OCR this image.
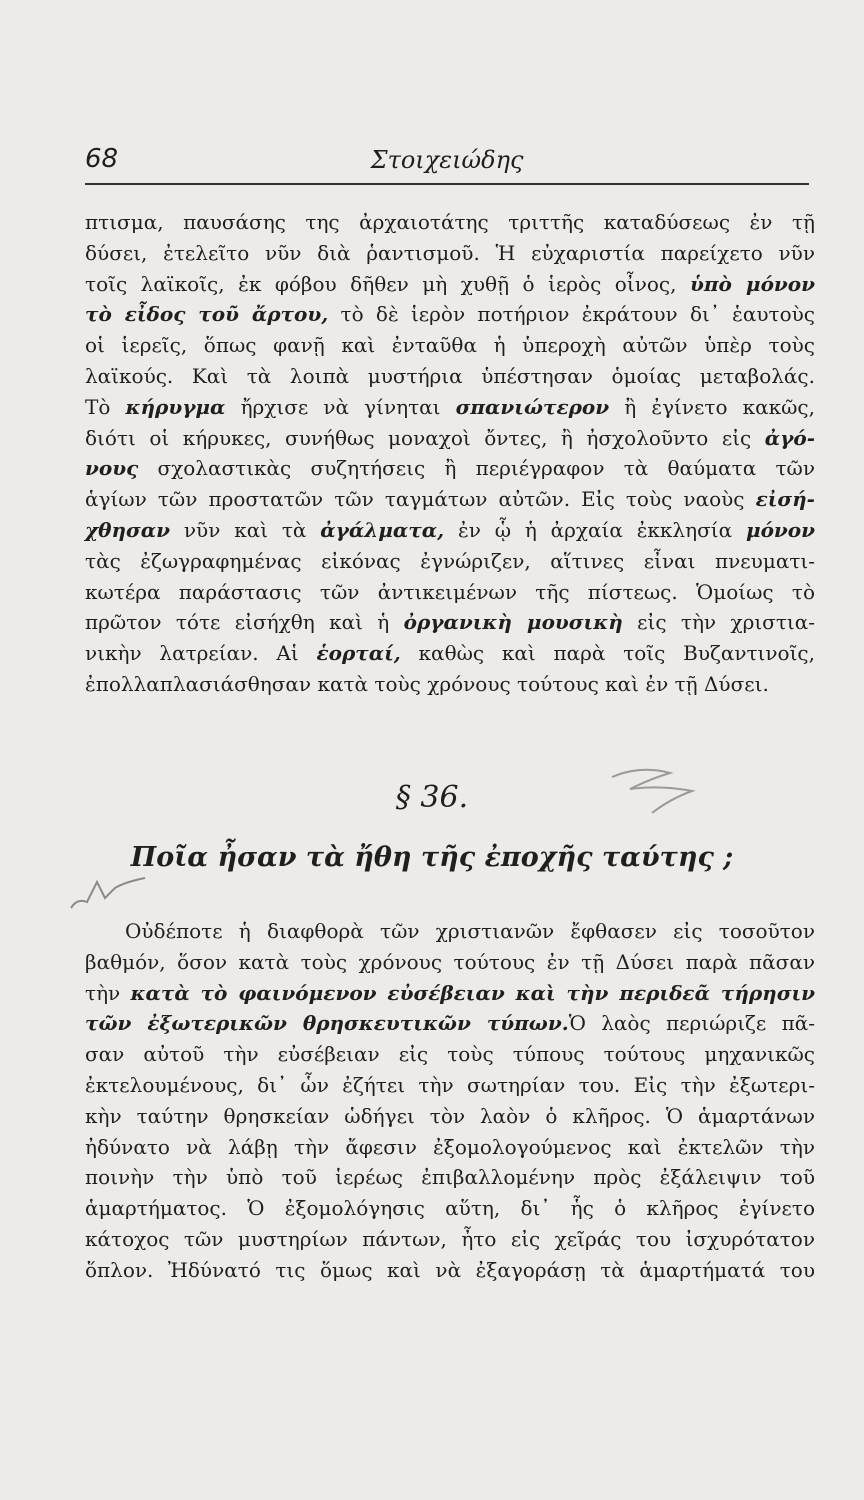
68	Στοιχειώδης
πτισμα, παυσάσης της ἀρχαιοτάτης τριττῆς καταδύσεως ἐν τῇ
δύσει, ἐτελεῖτο νῦν διὰ ῥαντισμοῦ. Ἡ εὐχαριστία παρείχετο νῦν
τοῖς λαϊκοῖς, ἐκ φόβου δῆθεν μὴ χυθῇ ὁ ἱερὸς οἶνος, ὑπὸ μόνον
τὸ εἶδος τοῦ ἄρτου, τὸ δὲ ἱερὸν ποτήριον ἐκράτουν δι᾽ ἑαυτοὺς
οἱ ἱερεῖς, ὅπως φανῇ καὶ ἐνταῦθα ἡ ὑπεροχὴ αὐτῶν ὑπὲρ τοὺς
λαϊκούς. Καὶ τὰ λοιπὰ μυστήρια ὑπέστησαν ὁμοίας μεταβολάς.
Τὸ κήρυγμα ἤρχισε νὰ γίνηται σπανιώτερον ἢ ἐγίνετο κακῶς,
διότι οἱ κήρυκες, συνήθως μοναχοὶ ὄντες, ἢ ἠσχολοῦντο εἰς ἀγό-
νους σχολαστικὰς συζητήσεις ἢ περιέγραφον τὰ θαύματα τῶν
ἁγίων τῶν προστατῶν τῶν ταγμάτων αὐτῶν. Εἰς τοὺς ναοὺς εἰσή-
χθησαν νῦν καὶ τὰ ἀγάλματα, ἐν ᾧ ἡ ἀρχαία ἐκκλησία μόνον
τὰς ἐζωγραφημένας εἰκόνας ἐγνώριζεν, αἵτινες εἶναι πνευματι-
κωτέρα παράστασις τῶν ἀντικειμένων τῆς πίστεως. Ὁμοίως τὸ
πρῶτον τότε εἰσήχθη καὶ ἡ ὀργανικὴ μουσικὴ εἰς τὴν χριστια-
νικὴν λατρείαν. Αἱ ἑορταί, καθὼς καὶ παρὰ τοῖς Βυζαντινοῖς,
ἐπολλαπλασιάσθησαν κατὰ τοὺς χρόνους τούτους καὶ ἐν τῇ Δύσει.
§ 36.
Ποῖα ἦσαν τὰ ἤθη τῆς ἐποχῆς ταύτης ;
Οὐδέποτε ἡ διαφθορὰ τῶν χριστιανῶν ἔφθασεν εἰς τοσοῦτον
βαθμόν, ὅσον κατὰ τοὺς χρόνους τούτους ἐν τῇ Δύσει παρὰ πᾶσαν
τὴν κατὰ τὸ φαινόμενον εὐσέβειαν καὶ τὴν περιδεᾶ τήρησιν
τῶν ἐξωτερικῶν θρησκευτικῶν τύπων.Ὁ λαὸς περιώριζε πᾶ-
σαν αὐτοῦ τὴν εὐσέβειαν εἰς τοὺς τύπους τούτους μηχανικῶς
ἐκτελουμένους, δι᾽ ὧν ἐζήτει τὴν σωτηρίαν του. Εἰς τὴν ἐξωτερι-
κὴν ταύτην θρησκείαν ὡδήγει τὸν λαὸν ὁ κλῆρος. Ὁ ἁμαρτάνων
ἠδύνατο νὰ λάβῃ τὴν ἄφεσιν ἐξομολογούμενος καὶ ἐκτελῶν τὴν
ποινὴν τὴν ὑπὸ τοῦ ἱερέως ἐπιβαλλομένην πρὸς ἐξάλειψιν τοῦ
ἁμαρτήματος. Ὁ ἐξομολόγησις αὕτη, δι᾽ ἧς ὁ κλῆρος ἐγίνετο
κάτοχος τῶν μυστηρίων πάντων, ἦτο εἰς χεῖράς του ἰσχυρότατον
ὅπλον. Ἠδύνατό τις ὅμως καὶ νὰ ἐξαγοράσῃ τὰ ἁμαρτήματά του
